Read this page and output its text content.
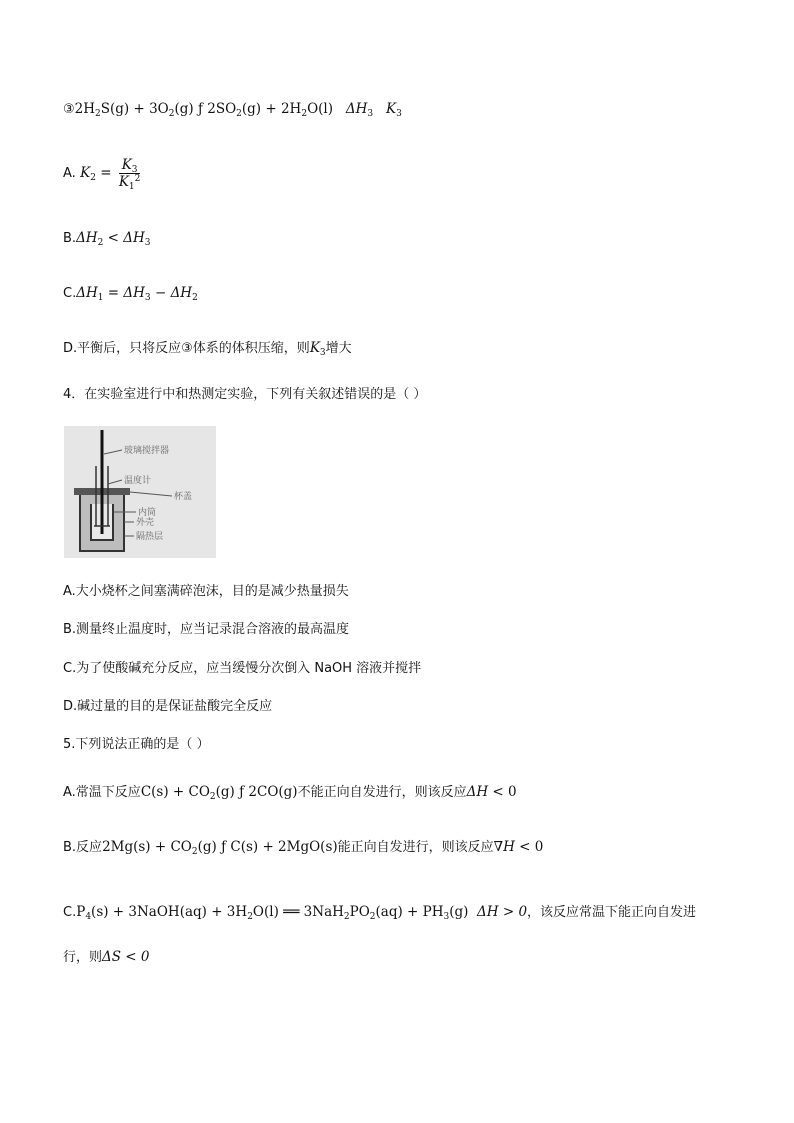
$③2H_2S(g) + 3O_2(g)$ ƒ $2SO_2(g) + 2H_2O(l)$ $\Delta H_3$ $K_3$
A. $K_2 = \frac{K_3}{K_1^2}$
$B.\Delta H_2 < \Delta H_3$
$C.\Delta H_1 = \Delta H_3 - \Delta H_2$
D.平衡后，只将反应③体系的体积压缩，则$K_3$增大
4．在实验室进行中和热测定实验，下列有关叙述错误的是（ ）
玻璃搅拌器
温度计
杯盖
内筒
外壳
隔热层
A.大小烧杯之间塞满碎泡沫，目的是减少热量损失
B.测量终止温度时，应当记录混合溶液的最高温度
C.为了使酸碱充分反应，应当缓慢分次倒入 NaOH 溶液并搅拌
D.碱过量的目的是保证盐酸完全反应
5.下列说法正确的是（ ）
A.常温下反应$C(s) + CO_2(g)$ ƒ 2CO(g)不能正向自发进行，则该反应ΔH < 0
B.反应$2Mg(s) + CO_2(g)$ ƒ C(s) + 2MgO(s)能正向自发进行，则该反应∇H < 0
$C.P_4(s)$ + 3NaOH(aq) + $3H_2O(l)$ ══ $3NaH_2PO_2(aq) + PH_3(g) \Delta H > 0$，该反应常温下能正向自发进
行，则ΔS < 0
